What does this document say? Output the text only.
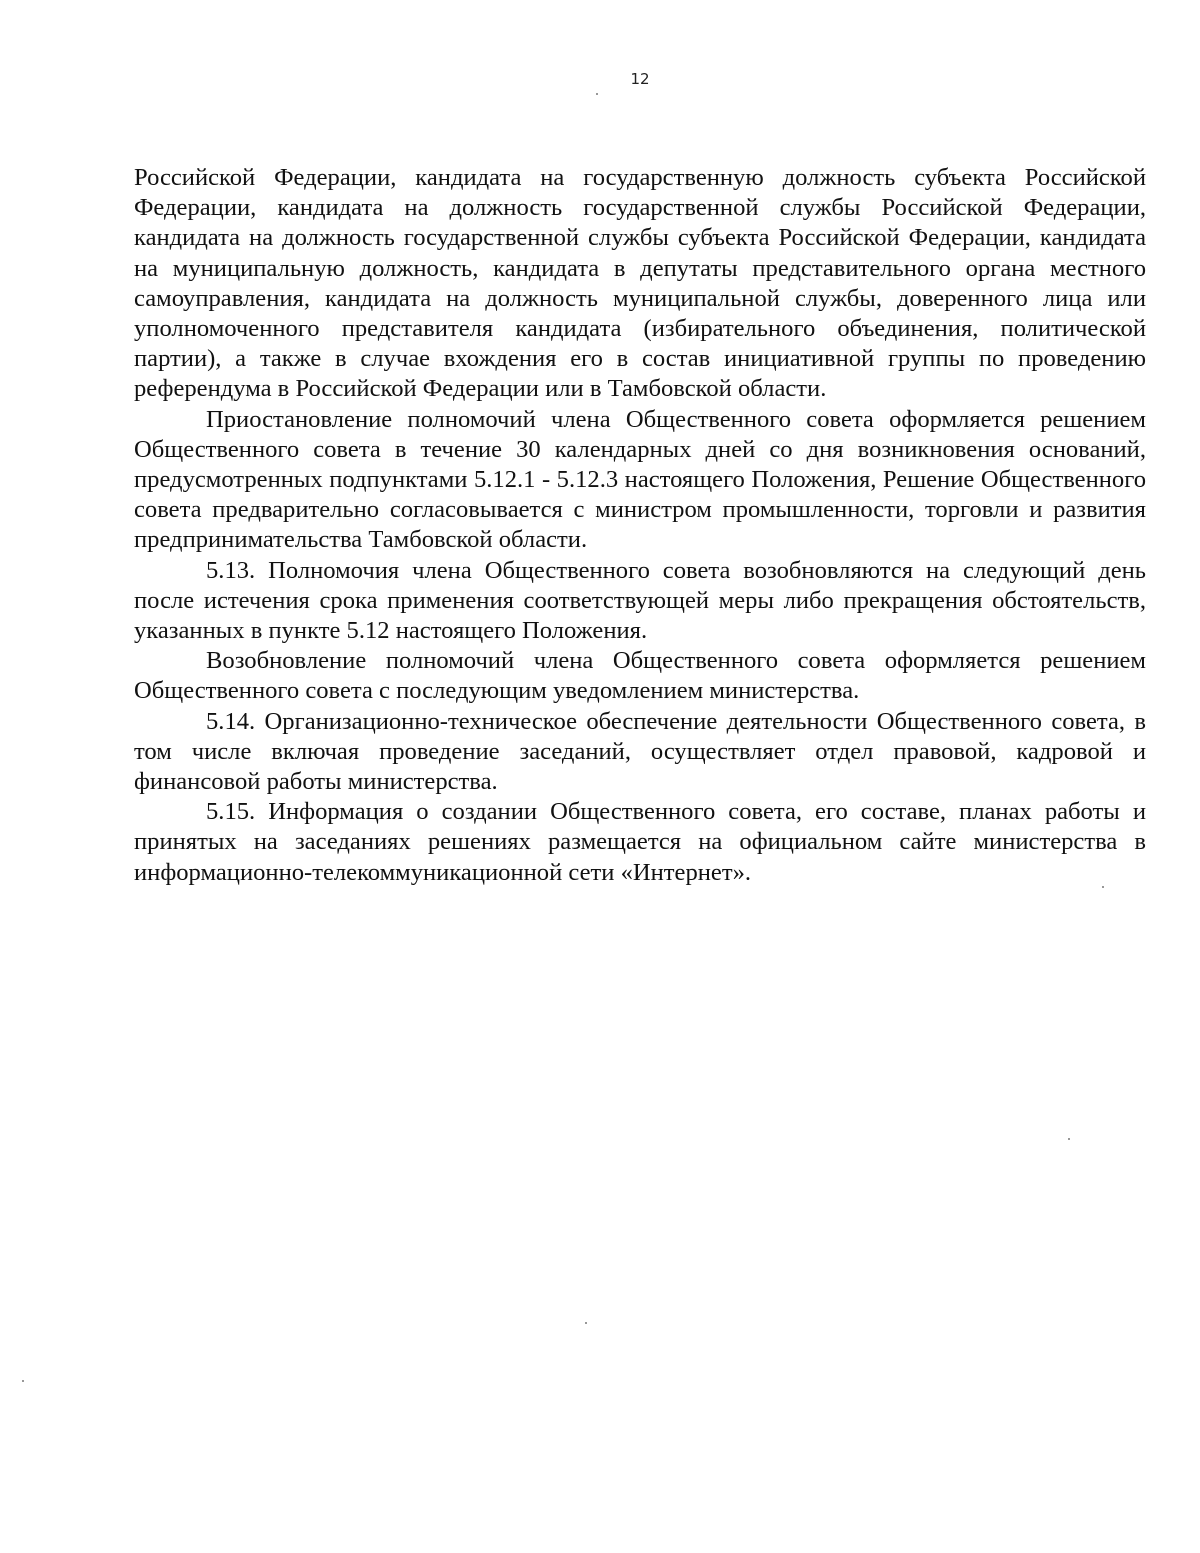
12

Российской Федерации, кандидата на государственную должность субъекта Российской Федерации, кандидата на должность государственной службы Российской Федерации, кандидата на должность государственной службы субъекта Российской Федерации, кандидата на муниципальную должность, кандидата в депутаты представительного органа местного самоуправления, кандидата на должность муниципальной службы, доверенного лица или уполномоченного представителя кандидата (избирательного объединения, политической партии), а также в случае вхождения его в состав инициативной группы по проведению референдума в Российской Федерации или в Тамбовской области.

Приостановление полномочий члена Общественного совета оформляется решением Общественного совета в течение 30 календарных дней со дня возникновения оснований, предусмотренных подпунктами 5.12.1 - 5.12.3 настоящего Положения, Решение Общественного совета предварительно согласовывается с министром промышленности, торговли и развития предпринимательства Тамбовской области.

5.13. Полномочия члена Общественного совета возобновляются на следующий день после истечения срока применения соответствующей меры либо прекращения обстоятельств, указанных в пункте 5.12 настоящего Положения.

Возобновление полномочий члена Общественного совета оформляется решением Общественного совета с последующим уведомлением министерства.

5.14. Организационно-техническое обеспечение деятельности Общественного совета, в том числе включая проведение заседаний, осуществляет отдел правовой, кадровой и финансовой работы министерства.

5.15. Информация о создании Общественного совета, его составе, планах работы и принятых на заседаниях решениях размещается на официальном сайте министерства в информационно-телекоммуникационной сети «Интернет».
